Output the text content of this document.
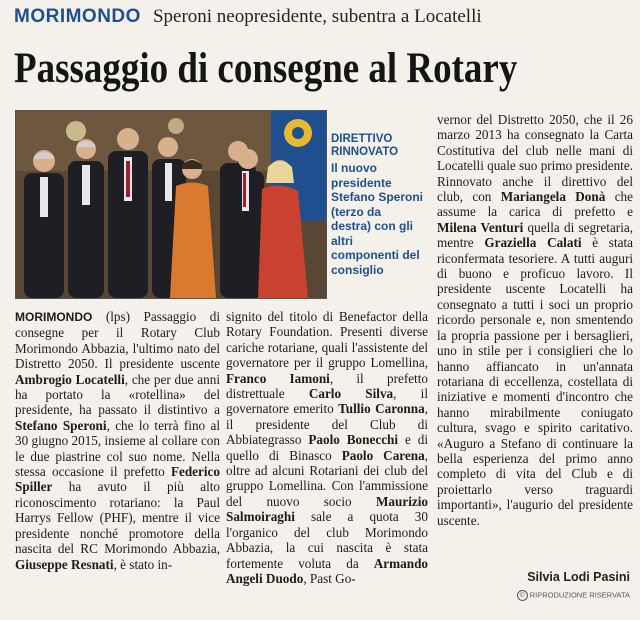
MORIMONDO Speroni neopresidente, subentra a Locatelli
Passaggio di consegne al Rotary
DIRETTIVO RINNOVATO
Il nuovo presidente Stefano Speroni (terzo da destra) con gli altri componenti del consiglio

MORIMONDO (lps) Passaggio di consegne per il Rotary Club Morimondo Abbazia, l'ultimo nato del Distretto 2050. Il presidente uscente Ambrogio Locatelli, che per due anni ha portato la «rotellina» del presidente, ha passato il distintivo a Stefano Speroni, che lo terrà fino al 30 giugno 2015, insieme al collare con le due piastrine col suo nome. Nella stessa occasione il prefetto Federico Spiller ha avuto il più alto riconoscimento rotariano: la Paul Harrys Fellow (PHF), mentre il vice presidente nonché promotore della nascita del RC Morimondo Abbazia, Giuseppe Resnati, è stato in-

signito del titolo di Benefactor della Rotary Foundation. Presenti diverse cariche rotariane, quali l'assistente del governatore per il gruppo Lomellina, Franco Iamoni, il prefetto distrettuale Carlo Silva, il governatore emerito Tullio Caronna, il presidente del Club di Abbiategrasso Paolo Bonecchi e di quello di Binasco Paolo Carena, oltre ad alcuni Rotariani dei club del gruppo Lomellina. Con l'ammissione del nuovo socio Maurizio Salmoiraghi sale a quota 30 l'organico del club Morimondo Abbazia, la cui nascita è stata fortemente voluta da Armando Angeli Duodo, Past Go-

vernor del Distretto 2050, che il 26 marzo 2013 ha consegnato la Carta Costitutiva del club nelle mani di Locatelli quale suo primo presidente. Rinnovato anche il direttivo del club, con Mariangela Donà che assume la carica di prefetto e Milena Venturi quella di segretaria, mentre Graziella Calati è stata riconfermata tesoriere. A tutti auguri di buono e proficuo lavoro. Il presidente uscente Locatelli ha consegnato a tutti i soci un proprio ricordo personale e, non smentendo la propria passione per i bersaglieri, uno in stile per i consiglieri che lo hanno affiancato in un'annata rotariana di eccellenza, costellata di iniziative e momenti d'incontro che hanno mirabilmente coniugato cultura, svago e spirito caritativo. «Auguro a Stefano di continuare la bella esperienza del primo anno completo di vita del Club e di proiettarlo verso traguardi importanti», l'augurio del presidente uscente.

Silvia Lodi Pasini
© RIPRODUZIONE RISERVATA
